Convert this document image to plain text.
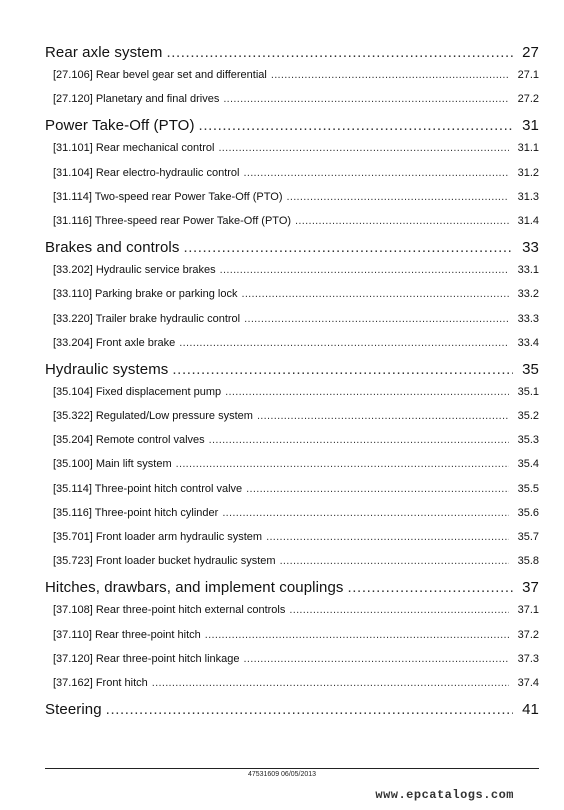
Rear axle system .....	27
[27.106] Rear bevel gear set and differential .....	27.1
[27.120] Planetary and final drives .....	27.2
Power Take-Off (PTO) .....	31
[31.101] Rear mechanical control .....	31.1
[31.104] Rear electro-hydraulic control .....	31.2
[31.114] Two-speed rear Power Take-Off (PTO) .....	31.3
[31.116] Three-speed rear Power Take-Off (PTO) .....	31.4
Brakes and controls .....	33
[33.202] Hydraulic service brakes .....	33.1
[33.110] Parking brake or parking lock .....	33.2
[33.220] Trailer brake hydraulic control .....	33.3
[33.204] Front axle brake .....	33.4
Hydraulic systems .....	35
[35.104] Fixed displacement pump .....	35.1
[35.322] Regulated/Low pressure system .....	35.2
[35.204] Remote control valves .....	35.3
[35.100] Main lift system .....	35.4
[35.114] Three-point hitch control valve .....	35.5
[35.116] Three-point hitch cylinder .....	35.6
[35.701] Front loader arm hydraulic system .....	35.7
[35.723] Front loader bucket hydraulic system .....	35.8
Hitches, drawbars, and implement couplings .....	37
[37.108] Rear three-point hitch external controls .....	37.1
[37.110] Rear three-point hitch .....	37.2
[37.120] Rear three-point hitch linkage .....	37.3
[37.162] Front hitch .....	37.4
Steering .....	41
47531609 06/05/2013
www.epcatalogs.com
